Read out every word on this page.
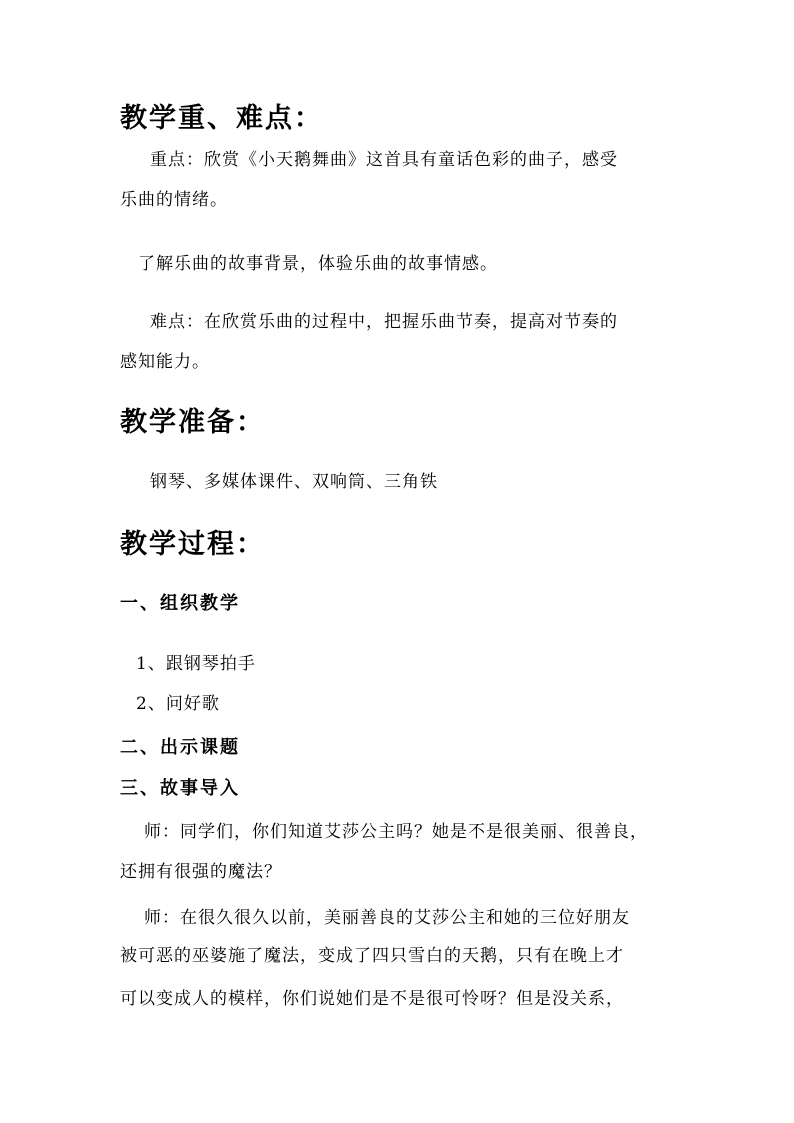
教学重、难点：
重点：欣赏《小天鹅舞曲》这首具有童话色彩的曲子，感受
乐曲的情绪。
了解乐曲的故事背景，体验乐曲的故事情感。
难点：在欣赏乐曲的过程中，把握乐曲节奏，提高对节奏的
感知能力。
教学准备：
钢琴、多媒体课件、双响筒、三角铁
教学过程：
一、组织教学
1、跟钢琴拍手
2、问好歌
二、出示课题
三、故事导入
师：同学们，你们知道艾莎公主吗？她是不是很美丽、很善良，
还拥有很强的魔法？
师：在很久很久以前，美丽善良的艾莎公主和她的三位好朋友
被可恶的巫婆施了魔法，变成了四只雪白的天鹅，只有在晚上才
可以变成人的模样，你们说她们是不是很可怜呀？但是没关系，
